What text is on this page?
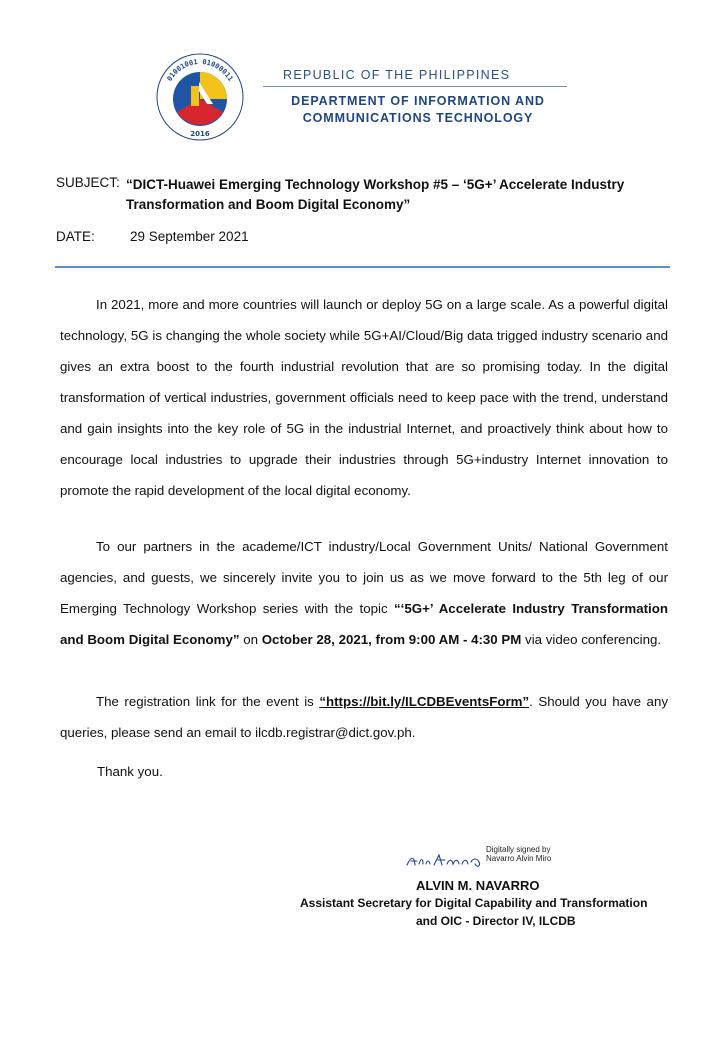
01001001 01000011
2016
REPUBLIC OF THE PHILIPPINES
DEPARTMENT OF INFORMATION AND
COMMUNICATIONS TECHNOLOGY
SUBJECT: “DICT-Huawei Emerging Technology Workshop #5 – ‘5G+’ Accelerate Industry Transformation and Boom Digital Economy”
DATE:	29 September 2021

In 2021, more and more countries will launch or deploy 5G on a large scale. As a powerful digital technology, 5G is changing the whole society while 5G+AI/Cloud/Big data trigged industry scenario and gives an extra boost to the fourth industrial revolution that are so promising today. In the digital transformation of vertical industries, government officials need to keep pace with the trend, understand and gain insights into the key role of 5G in the industrial Internet, and proactively think about how to encourage local industries to upgrade their industries through 5G+industry Internet innovation to promote the rapid development of the local digital economy.

To our partners in the academe/ICT industry/Local Government Units/ National Government agencies, and guests, we sincerely invite you to join us as we move forward to the 5th leg of our Emerging Technology Workshop series with the topic “‘5G+’ Accelerate Industry Transformation and Boom Digital Economy” on October 28, 2021, from 9:00 AM - 4:30 PM via video conferencing.

The registration link for the event is “https://bit.ly/ILCDBEventsForm”. Should you have any queries, please send an email to ilcdb.registrar@dict.gov.ph.

Thank you.
Digitally signed by
Navarro Alvin Miro
ALVIN M. NAVARRO
Assistant Secretary for Digital Capability and Transformation
and OIC - Director IV, ILCDB
